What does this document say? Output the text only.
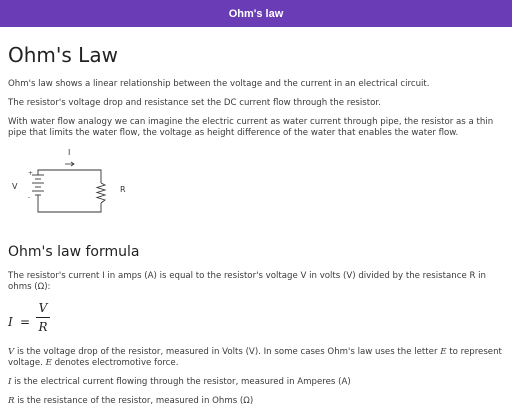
Ohm's law
Ohm's Law

Ohm's law shows a linear relationship between the voltage and the current in an electrical circuit.

The resistor's voltage drop and resistance set the DC current flow through the resistor.

With water flow analogy we can imagine the electric current as water current through pipe, the resistor as a thin pipe that limits the water flow, the voltage as height difference of the water that enables the water flow.

I
+
-
V	R
Ohm's law formula

The resistor's current I in amps (A) is equal to the resistor's voltage V in volts (V) divided by the resistance R in ohms (Ω):

I =
V
R

V is the voltage drop of the resistor, measured in Volts (V). In some cases Ohm's law uses the letter E to represent voltage. E denotes electromotive force.

I is the electrical current flowing through the resistor, measured in Amperes (A)

R is the resistance of the resistor, measured in Ohms (Ω)
